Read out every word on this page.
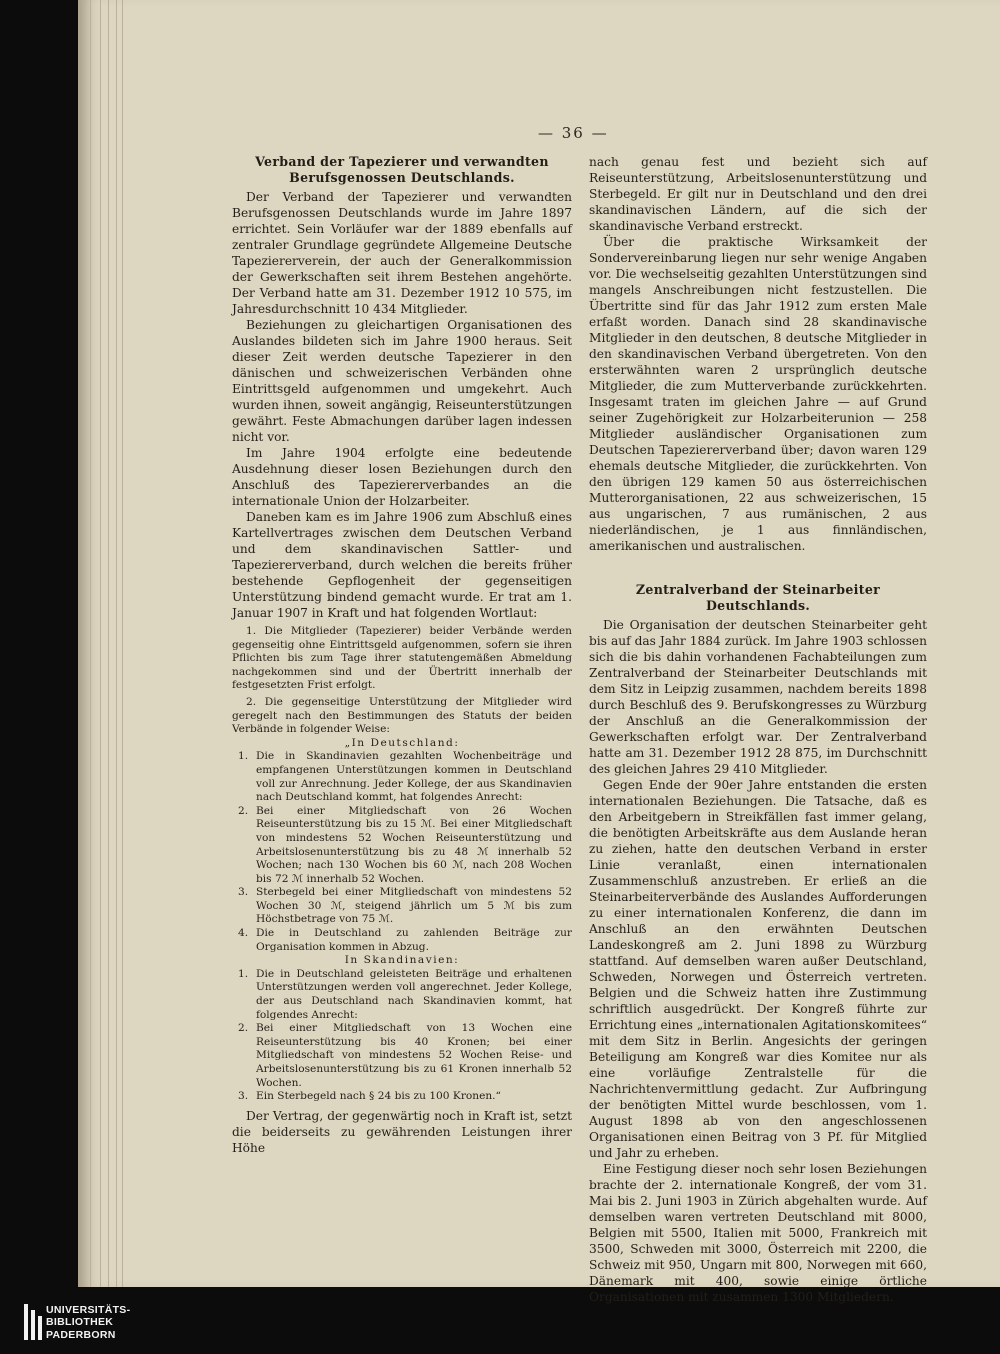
— 36 —

Verband der Tapezierer und verwandten Berufsgenossen Deutschlands.

Der Verband der Tapezierer und verwandten Berufsgenossen Deutschlands wurde im Jahre 1897 errichtet. Sein Vorläufer war der 1889 ebenfalls auf zentraler Grundlage gegründete Allgemeine Deutsche Tapeziererverein, der auch der Generalkommission der Gewerkschaften seit ihrem Bestehen angehörte. Der Verband hatte am 31. Dezember 1912 10 575, im Jahresdurchschnitt 10 434 Mitglieder.

Beziehungen zu gleichartigen Organisationen des Auslandes bildeten sich im Jahre 1900 heraus. Seit dieser Zeit werden deutsche Tapezierer in den dänischen und schweizerischen Verbänden ohne Eintrittsgeld aufgenommen und umgekehrt. Auch wurden ihnen, soweit angängig, Reiseunterstützungen gewährt. Feste Abmachungen darüber lagen indessen nicht vor.

Im Jahre 1904 erfolgte eine bedeutende Ausdehnung dieser losen Beziehungen durch den Anschluß des Tapeziererverbandes an die internationale Union der Holzarbeiter.

Daneben kam es im Jahre 1906 zum Abschluß eines Kartellvertrages zwischen dem Deutschen Verband und dem skandinavischen Sattler- und Tapeziererverband, durch welchen die bereits früher bestehende Gepflogenheit der gegenseitigen Unterstützung bindend gemacht wurde. Er trat am 1. Januar 1907 in Kraft und hat folgenden Wortlaut:

1. Die Mitglieder (Tapezierer) beider Verbände werden gegenseitig ohne Eintrittsgeld aufgenommen, sofern sie ihren Pflichten bis zum Tage ihrer statutengemäßen Abmeldung nachgekommen sind und der Übertritt innerhalb der festgesetzten Frist erfolgt.

2. Die gegenseitige Unterstützung der Mitglieder wird geregelt nach den Bestimmungen des Statuts der beiden Verbände in folgender Weise:

„In Deutschland:

1. Die in Skandinavien gezahlten Wochenbeiträge und empfangenen Unterstützungen kommen in Deutschland voll zur Anrechnung. Jeder Kollege, der aus Skandinavien nach Deutschland kommt, hat folgendes Anrecht:

2. Bei einer Mitgliedschaft von 26 Wochen Reiseunterstützung bis zu 15 ℳ. Bei einer Mitgliedschaft von mindestens 52 Wochen Reiseunterstützung und Arbeitslosenunterstützung bis zu 48 ℳ innerhalb 52 Wochen; nach 130 Wochen bis 60 ℳ, nach 208 Wochen bis 72 ℳ innerhalb 52 Wochen.

3. Sterbegeld bei einer Mitgliedschaft von mindestens 52 Wochen 30 ℳ, steigend jährlich um 5 ℳ bis zum Höchstbetrage von 75 ℳ.

4. Die in Deutschland zu zahlenden Beiträge zur Organisation kommen in Abzug.

In Skandinavien:

1. Die in Deutschland geleisteten Beiträge und erhaltenen Unterstützungen werden voll angerechnet. Jeder Kollege, der aus Deutschland nach Skandinavien kommt, hat folgendes Anrecht:

2. Bei einer Mitgliedschaft von 13 Wochen eine Reiseunterstützung bis 40 Kronen; bei einer Mitgliedschaft von mindestens 52 Wochen Reise- und Arbeitslosenunterstützung bis zu 61 Kronen innerhalb 52 Wochen.

3. Ein Sterbegeld nach § 24 bis zu 100 Kronen.“

Der Vertrag, der gegenwärtig noch in Kraft ist, setzt die beiderseits zu gewährenden Leistungen ihrer Höhe

nach genau fest und bezieht sich auf Reiseunterstützung, Arbeitslosenunterstützung und Sterbegeld. Er gilt nur in Deutschland und den drei skandinavischen Ländern, auf die sich der skandinavische Verband erstreckt.

Über die praktische Wirksamkeit der Sondervereinbarung liegen nur sehr wenige Angaben vor. Die wechselseitig gezahlten Unterstützungen sind mangels Anschreibungen nicht festzustellen. Die Übertritte sind für das Jahr 1912 zum ersten Male erfaßt worden. Danach sind 28 skandinavische Mitglieder in den deutschen, 8 deutsche Mitglieder in den skandinavischen Verband übergetreten. Von den ersterwähnten waren 2 ursprünglich deutsche Mitglieder, die zum Mutterverbande zurückkehrten. Insgesamt traten im gleichen Jahre — auf Grund seiner Zugehörigkeit zur Holzarbeiterunion — 258 Mitglieder ausländischer Organisationen zum Deutschen Tapeziererverband über; davon waren 129 ehemals deutsche Mitglieder, die zurückkehrten. Von den übrigen 129 kamen 50 aus österreichischen Mutterorganisationen, 22 aus schweizerischen, 15 aus ungarischen, 7 aus rumänischen, 2 aus niederländischen, je 1 aus finnländischen, amerikanischen und australischen.

Zentralverband der Steinarbeiter Deutschlands.

Die Organisation der deutschen Steinarbeiter geht bis auf das Jahr 1884 zurück. Im Jahre 1903 schlossen sich die bis dahin vorhandenen Fachabteilungen zum Zentralverband der Steinarbeiter Deutschlands mit dem Sitz in Leipzig zusammen, nachdem bereits 1898 durch Beschluß des 9. Berufskongresses zu Würzburg der Anschluß an die Generalkommission der Gewerkschaften erfolgt war. Der Zentralverband hatte am 31. Dezember 1912 28 875, im Durchschnitt des gleichen Jahres 29 410 Mitglieder.

Gegen Ende der 90er Jahre entstanden die ersten internationalen Beziehungen. Die Tatsache, daß es den Arbeitgebern in Streikfällen fast immer gelang, die benötigten Arbeitskräfte aus dem Auslande heran zu ziehen, hatte den deutschen Verband in erster Linie veranlaßt, einen internationalen Zusammenschluß anzustreben. Er erließ an die Steinarbeiterverbände des Auslandes Aufforderungen zu einer internationalen Konferenz, die dann im Anschluß an den erwähnten Deutschen Landeskongreß am 2. Juni 1898 zu Würzburg stattfand. Auf demselben waren außer Deutschland, Schweden, Norwegen und Österreich vertreten. Belgien und die Schweiz hatten ihre Zustimmung schriftlich ausgedrückt. Der Kongreß führte zur Errichtung eines „internationalen Agitationskomitees“ mit dem Sitz in Berlin. Angesichts der geringen Beteiligung am Kongreß war dies Komitee nur als eine vorläufige Zentralstelle für die Nachrichtenvermittlung gedacht. Zur Aufbringung der benötigten Mittel wurde beschlossen, vom 1. August 1898 ab von den angeschlossenen Organisationen einen Beitrag von 3 Pf. für Mitglied und Jahr zu erheben.

Eine Festigung dieser noch sehr losen Beziehungen brachte der 2. internationale Kongreß, der vom 31. Mai bis 2. Juni 1903 in Zürich abgehalten wurde. Auf demselben waren vertreten Deutschland mit 8000, Belgien mit 5500, Italien mit 5000, Frankreich mit 3500, Schweden mit 3000, Österreich mit 2200, die Schweiz mit 950, Ungarn mit 800, Norwegen mit 660, Dänemark mit 400, sowie einige örtliche Organisationen mit zusammen 1300 Mitgliedern.

UNIVERSITÄTS-
BIBLIOTHEK
PADERBORN
